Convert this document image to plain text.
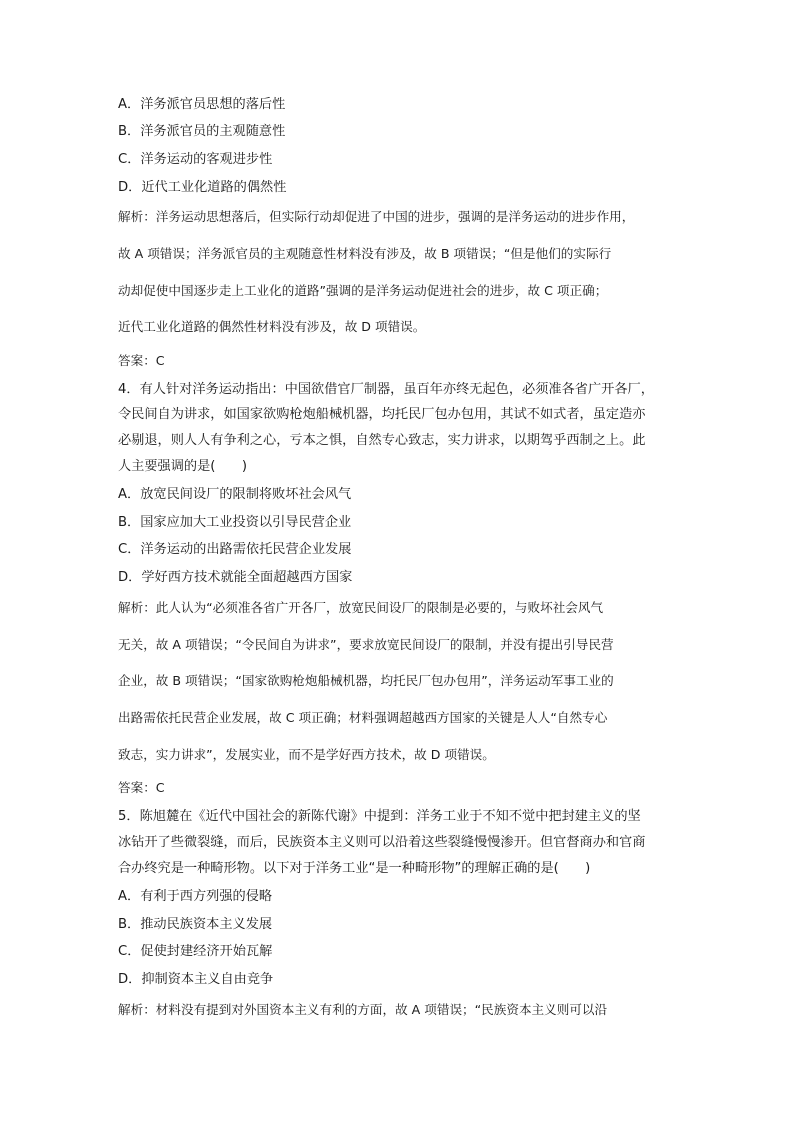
A．洋务派官员思想的落后性
B．洋务派官员的主观随意性
C．洋务运动的客观进步性
D．近代工业化道路的偶然性
解析：洋务运动思想落后，但实际行动却促进了中国的进步，强调的是洋务运动的进步作用，
故 A 项错误；洋务派官员的主观随意性材料没有涉及，故 B 项错误；“但是他们的实际行
动却促使中国逐步走上工业化的道路”强调的是洋务运动促进社会的进步，故 C 项正确；
近代工业化道路的偶然性材料没有涉及，故 D 项错误。
答案：C
4．有人针对洋务运动指出：中国欲借官厂制器，虽百年亦终无起色，必须准各省广开各厂，
令民间自为讲求，如国家欲购枪炮船械机器，均托民厂包办包用，其试不如式者，虽定造亦
必剔退，则人人有争利之心，亏本之惧，自然专心致志，实力讲求，以期驾乎西制之上。此
人主要强调的是(　　)
A．放宽民间设厂的限制将败坏社会风气
B．国家应加大工业投资以引导民营企业
C．洋务运动的出路需依托民营企业发展
D．学好西方技术就能全面超越西方国家
解析：此人认为“必须准各省广开各厂，放宽民间设厂的限制是必要的，与败坏社会风气
无关，故 A 项错误；“令民间自为讲求”，要求放宽民间设厂的限制，并没有提出引导民营
企业，故 B 项错误；“国家欲购枪炮船械机器，均托民厂包办包用”，洋务运动军事工业的
出路需依托民营企业发展，故 C 项正确；材料强调超越西方国家的关键是人人“自然专心
致志，实力讲求”，发展实业，而不是学好西方技术，故 D 项错误。
答案：C
5．陈旭麓在《近代中国社会的新陈代谢》中提到：洋务工业于不知不觉中把封建主义的坚
冰钻开了些微裂缝，而后，民族资本主义则可以沿着这些裂缝慢慢渗开。但官督商办和官商
合办终究是一种畸形物。以下对于洋务工业“是一种畸形物”的理解正确的是(　　)
A．有利于西方列强的侵略
B．推动民族资本主义发展
C．促使封建经济开始瓦解
D．抑制资本主义自由竞争
解析：材料没有提到对外国资本主义有利的方面，故 A 项错误；“民族资本主义则可以沿
